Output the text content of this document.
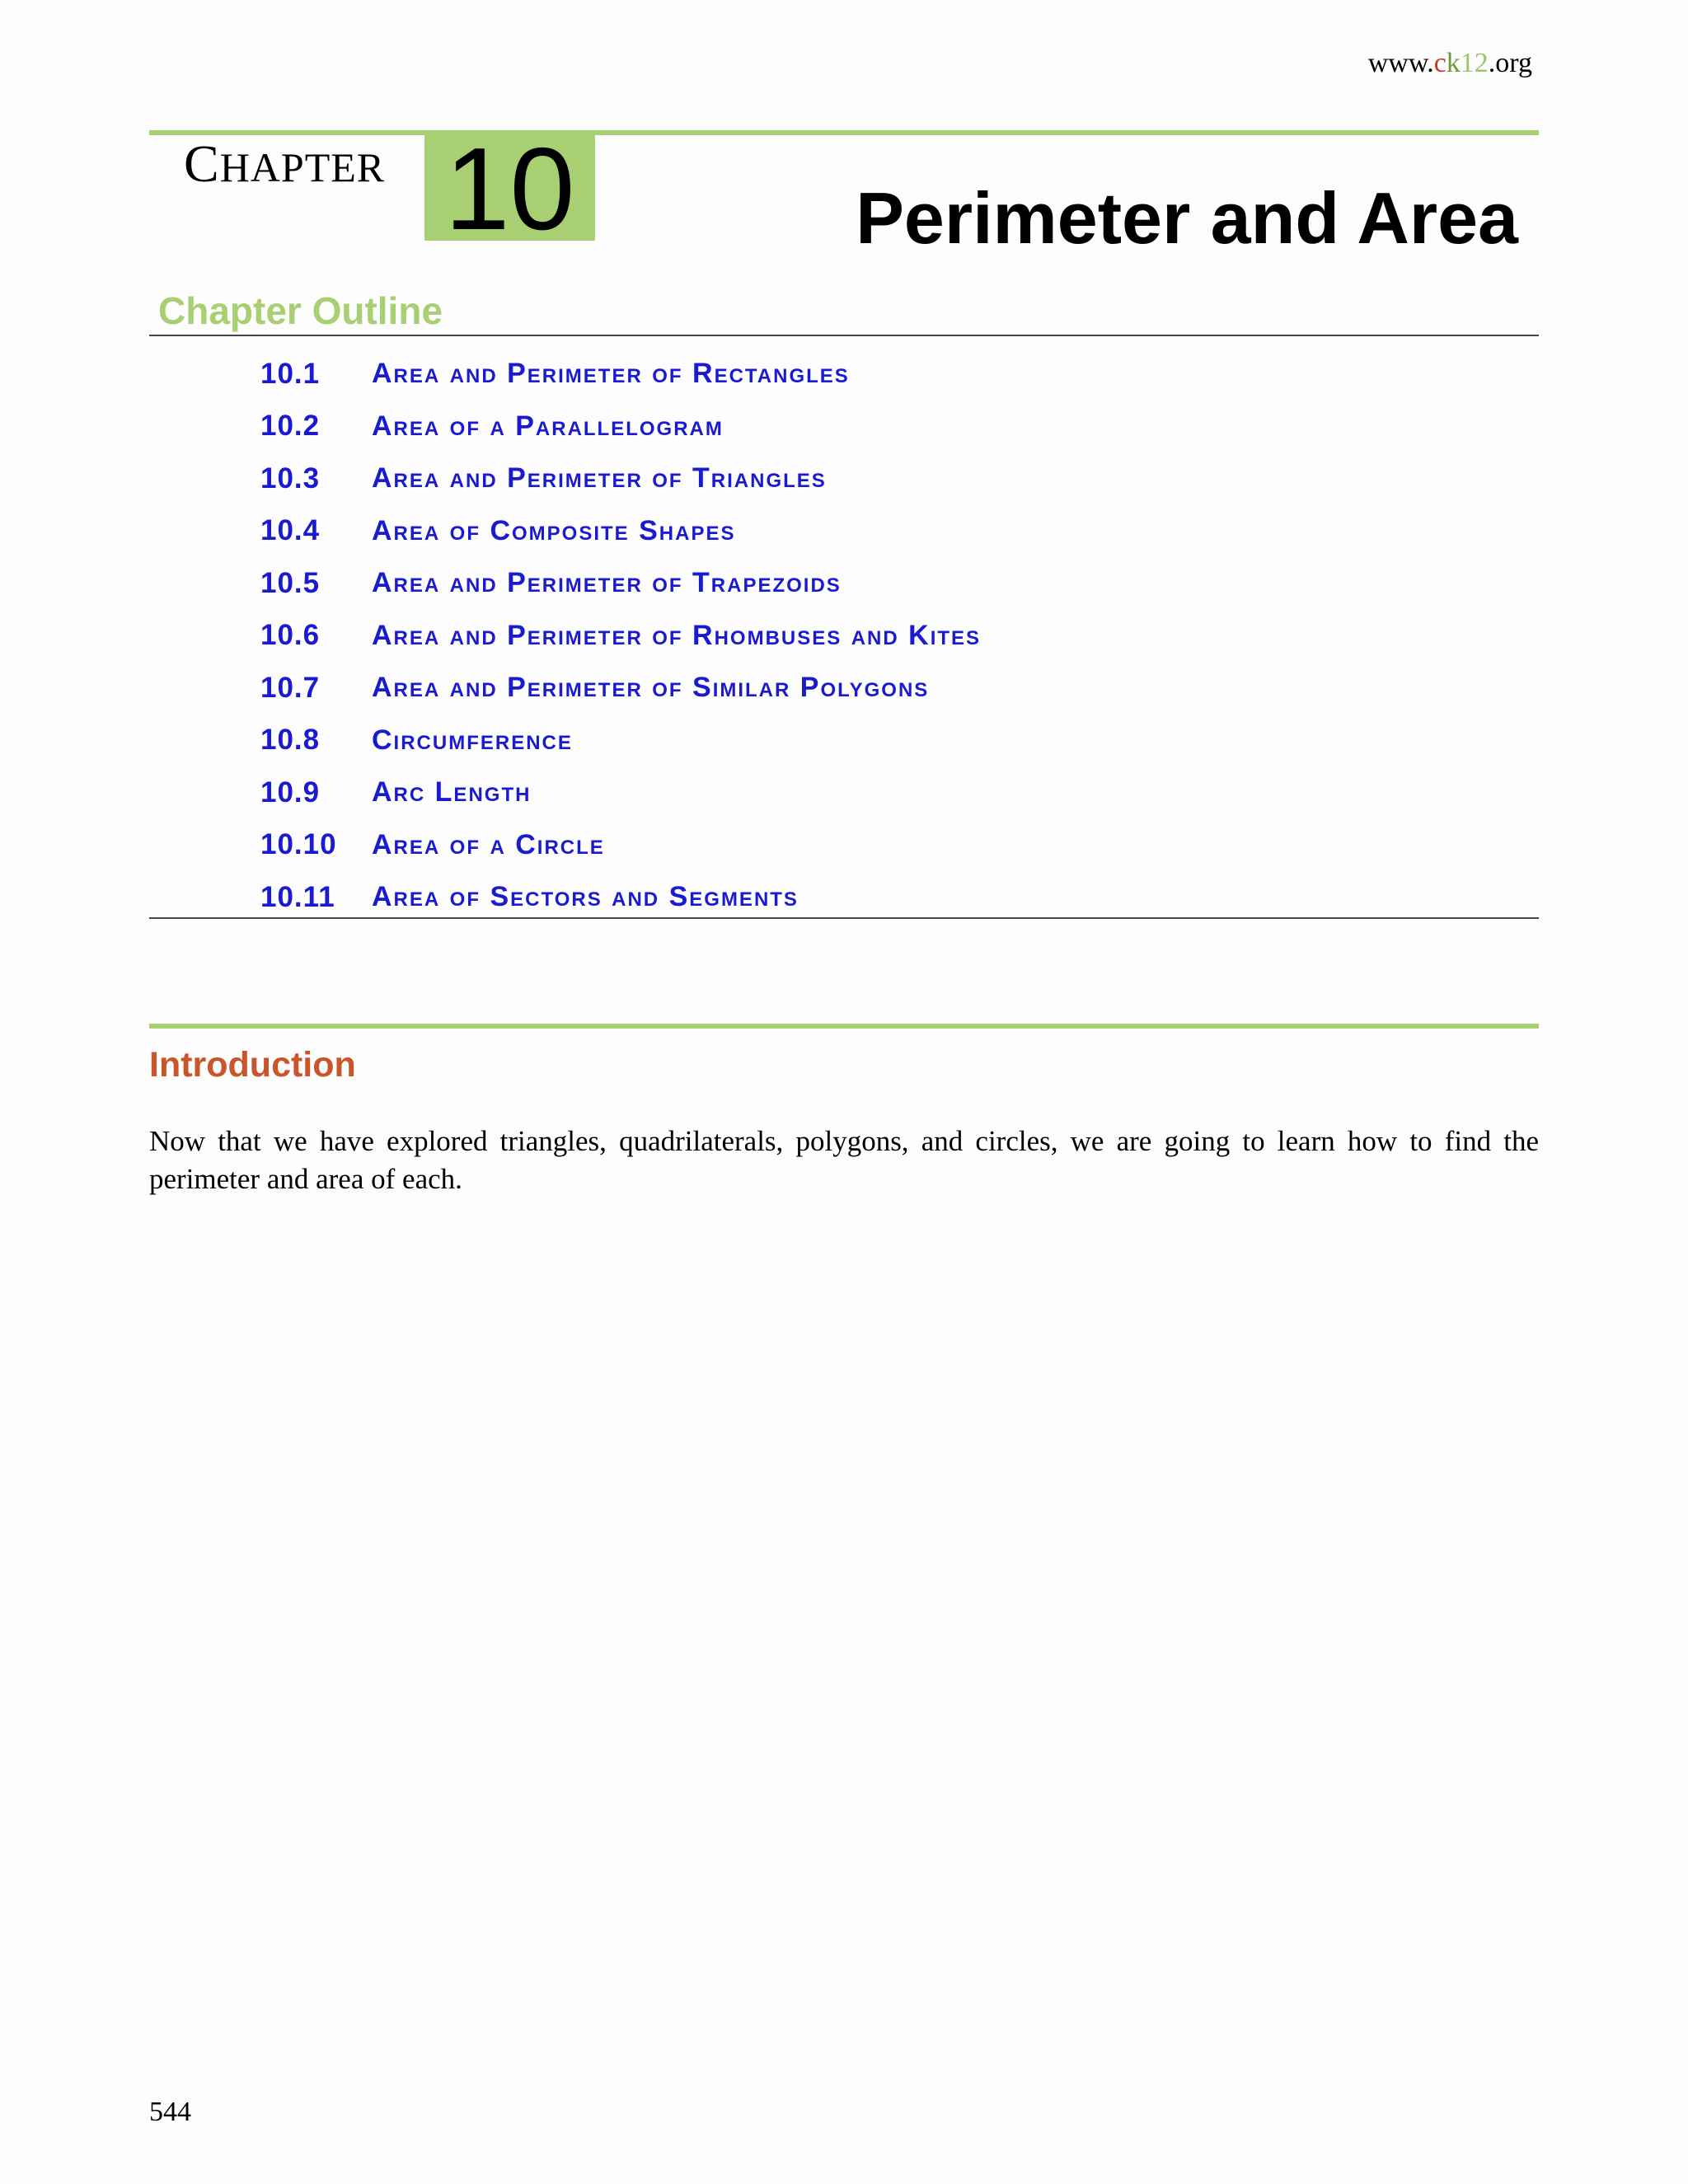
www.ck12.org
CHAPTER 10	Perimeter and Area
Chapter Outline
10.1	Area and Perimeter of Rectangles
10.2	Area of a Parallelogram
10.3	Area and Perimeter of Triangles
10.4	Area of Composite Shapes
10.5	Area and Perimeter of Trapezoids
10.6	Area and Perimeter of Rhombuses and Kites
10.7	Area and Perimeter of Similar Polygons
10.8	Circumference
10.9	Arc Length
10.10	Area of a Circle
10.11	Area of Sectors and Segments
Introduction

Now that we have explored triangles, quadrilaterals, polygons, and circles, we are going to learn how to find the perimeter and area of each.

544
